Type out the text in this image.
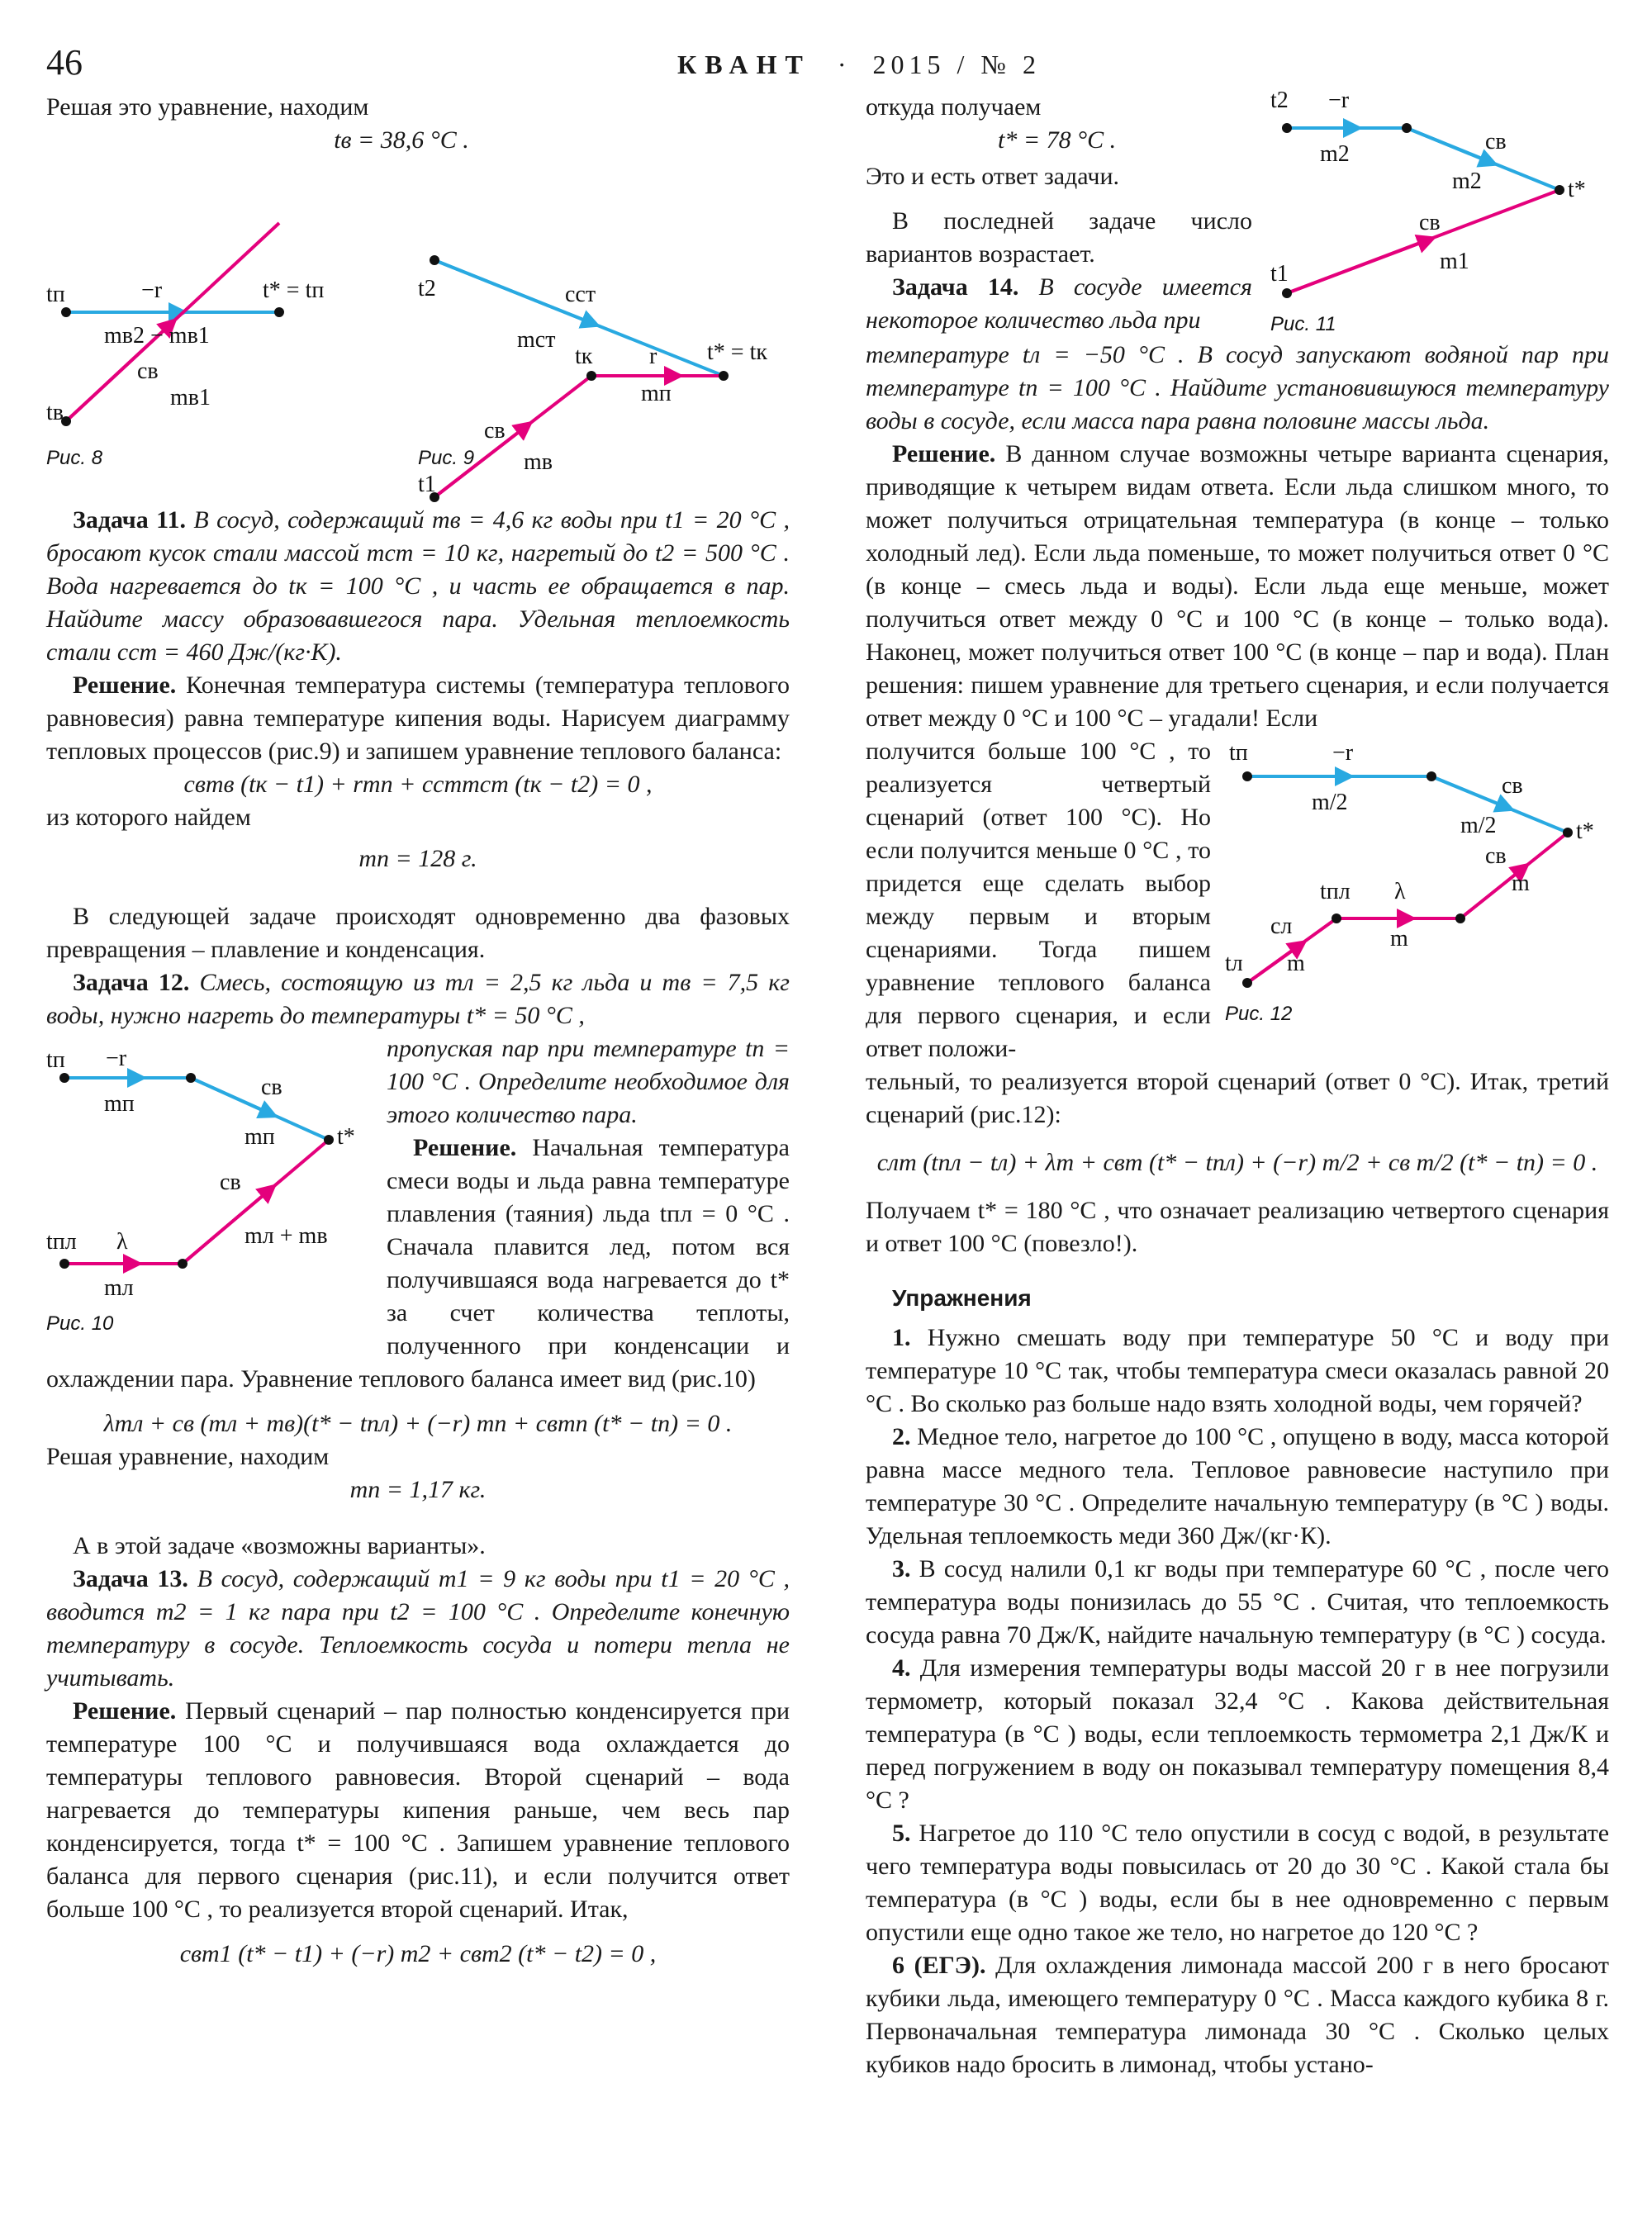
46	КВАНТ · 2015 / № 2

Решая это уравнение, находим

tв = 38,6 °С .

tп	t* = tп
−r
mв2 − mв1
cв
mв1
tв
Рис. 8
t2	cст
mст
tк r t* = tк
mп
cв
mв
t1
Рис. 9

Задача 11. В сосуд, содержащий mв = 4,6 кг воды при t1 = 20 °С , бросают кусок стали массой mст = 10 кг, нагретый до t2 = 500 °С . Вода нагревается до tк = 100 °С , и часть ее обращается в пар. Найдите массу образовавшегося пара. Удельная теплоемкость стали cст = 460 Дж/(кг·К).

Решение. Конечная температура системы (температура теплового равновесия) равна температуре кипения воды. Нарисуем диаграмму тепловых процессов (рис.9) и запишем уравнение теплового баланса:

cвmв (tк − t1) + rmп + cстmст (tк − t2) = 0 ,

из которого найдем

mп = 128 г.

В следующей задаче происходят одновременно два фазовых превращения – плавление и конденсация.

Задача 12. Смесь, состоящую из mл = 2,5 кг льда и mв = 7,5 кг воды, нужно нагреть до температуры t* = 50 °С ,

tп −r
mп
cв
mп	t*
cв
mл + mв
tпл λ
mл
Рис. 10

пропуская пар при температуре tп = 100 °С . Определите необходимое для этого количество пара.

Решение. Начальная температура смеси воды и льда равна температуре плавления (таяния) льда tпл = 0 °С . Сначала плавится лед, потом вся получившаяся вода нагревается до t* за счет количества теплоты, полученного при конденсации и охлаждении пара. Уравнение теплового баланса имеет вид (рис.10)

λmл + cв (mл + mв)(t* − tпл) + (−r) mп + cвmп (t* − tп) = 0 .

Решая уравнение, находим

mп = 1,17 кг.

А в этой задаче «возможны варианты».

Задача 13. В сосуд, содержащий m1 = 9 кг воды при t1 = 20 °С , вводится m2 = 1 кг пара при t2 = 100 °С . Определите конечную температуру в сосуде. Теплоемкость сосуда и потери тепла не учитывать.

Решение. Первый сценарий – пар полностью конденсируется при температуре 100 °С и получившаяся вода охлаждается до температуры теплового равновесия. Второй сценарий – вода нагревается до температуры кипения раньше, чем весь пар конденсируется, тогда t* = 100 °С . Запишем уравнение теплового баланса для первого сценария (рис.11), и если получится ответ больше 100 °С , то реализуется второй сценарий. Итак,

cвm1 (t* − t1) + (−r) m2 + cвm2 (t* − t2) = 0 ,

t2 −r
m2	cв
m2	t*
cв
m1
t1
Рис. 11

откуда получаем

t* = 78 °С .

Это и есть ответ задачи.

В последней задаче число вариантов возрастает.

Задача 14. В сосуде имеется некоторое количество льда при

температуре tл = −50 °С . В сосуд запускают водяной пар при температуре tп = 100 °С . Найдите установившуюся температуру воды в сосуде, если масса пара равна половине массы льда.

Решение. В данном случае возможны четыре варианта сценария, приводящие к четырем видам ответа. Если льда слишком много, то может получиться отрицательная температура (в конце – только холодный лед). Если льда поменьше, то может получиться ответ 0 °С (в конце – смесь льда и воды). Если льда еще меньше, может получиться ответ между 0 °С и 100 °С (в конце – только вода). Наконец, может получиться ответ 100 °С (в конце – пар и вода). План решения: пишем уравнение для третьего сценария, и если получается ответ между 0 °С и 100 °С – угадали! Если

tп	−r
m/2
cв
m/2	t*
tпл λ
cв
m
m
cл
m
tл
Рис. 12

получится больше 100 °С , то реализуется четвертый сценарий (ответ 100 °С). Но если получится меньше 0 °С , то придется еще сделать выбор между первым и вторым сценариями. Тогда пишем уравнение теплового баланса для первого сценария, и если ответ положи-

тельный, то реализуется второй сценарий (ответ 0 °С). Итак, третий сценарий (рис.12):

cлm (tпл − tл) + λm + cвm (t* − tпл) + (−r) m/2 + cв m/2 (t* − tп) = 0 .

Получаем t* = 180 °С , что означает реализацию четвертого сценария и ответ 100 °С (повезло!).

Упражнения

1. Нужно смешать воду при температуре 50 °С и воду при температуре 10 °С так, чтобы температура смеси оказалась равной 20 °С . Во сколько раз больше надо взять холодной воды, чем горячей?

2. Медное тело, нагретое до 100 °С , опущено в воду, масса которой равна массе медного тела. Тепловое равновесие наступило при температуре 30 °С . Определите начальную температуру (в °С ) воды. Удельная теплоемкость меди 360 Дж/(кг·К).

3. В сосуд налили 0,1 кг воды при температуре 60 °С , после чего температура воды понизилась до 55 °С . Считая, что теплоемкость сосуда равна 70 Дж/К, найдите начальную температуру (в °С ) сосуда.

4. Для измерения температуры воды массой 20 г в нее погрузили термометр, который показал 32,4 °С . Какова действительная температура (в °С ) воды, если теплоемкость термометра 2,1 Дж/К и перед погружением в воду он показывал температуру помещения 8,4 °С ?

5. Нагретое до 110 °С тело опустили в сосуд с водой, в результате чего температура воды повысилась от 20 до 30 °С . Какой стала бы температура (в °С ) воды, если бы в нее одновременно с первым опустили еще одно такое же тело, но нагретое до 120 °С ?

6 (ЕГЭ). Для охлаждения лимонада массой 200 г в него бросают кубики льда, имеющего температуру 0 °С . Масса каждого кубика 8 г. Первоначальная температура лимонада 30 °С . Сколько целых кубиков надо бросить в лимонад, чтобы устано-
